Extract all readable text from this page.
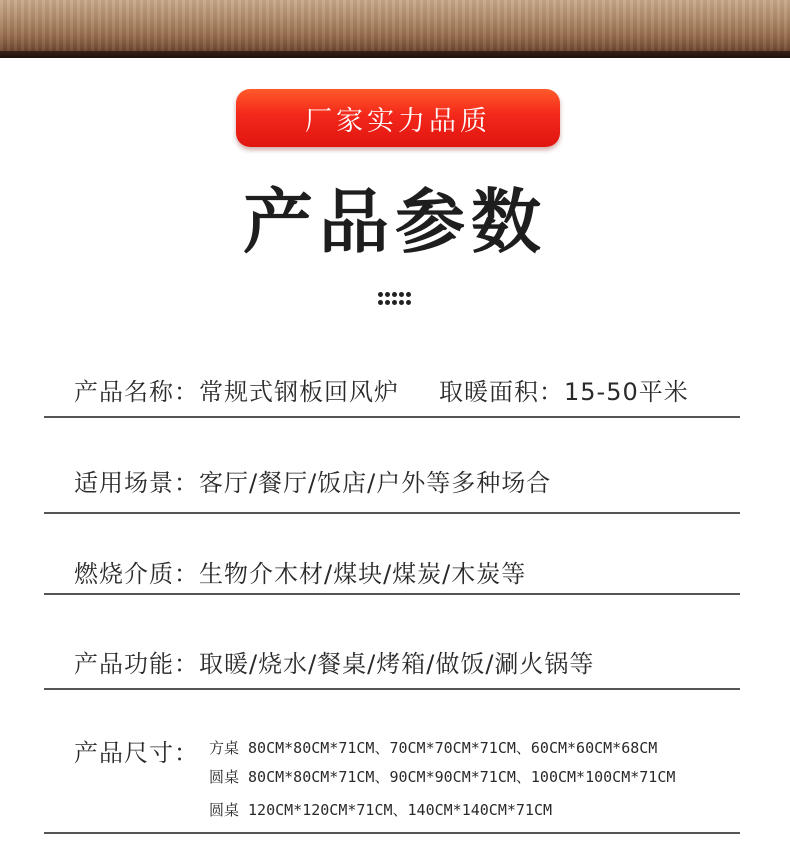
厂家实力品质
产品参数
产品名称：常规式钢板回风炉 取暖面积：15-50平米
适用场景：客厅/餐厅/饭店/户外等多种场合
燃烧介质：生物介木材/煤块/煤炭/木炭等
产品功能：取暖/烧水/餐桌/烤箱/做饭/涮火锅等
产品尺寸： 方桌 80CM*80CM*71CM、70CM*70CM*71CM、60CM*60CM*68CM
圆桌 80CM*80CM*71CM、90CM*90CM*71CM、100CM*100CM*71CM
圆桌 120CM*120CM*71CM、140CM*140CM*71CM
